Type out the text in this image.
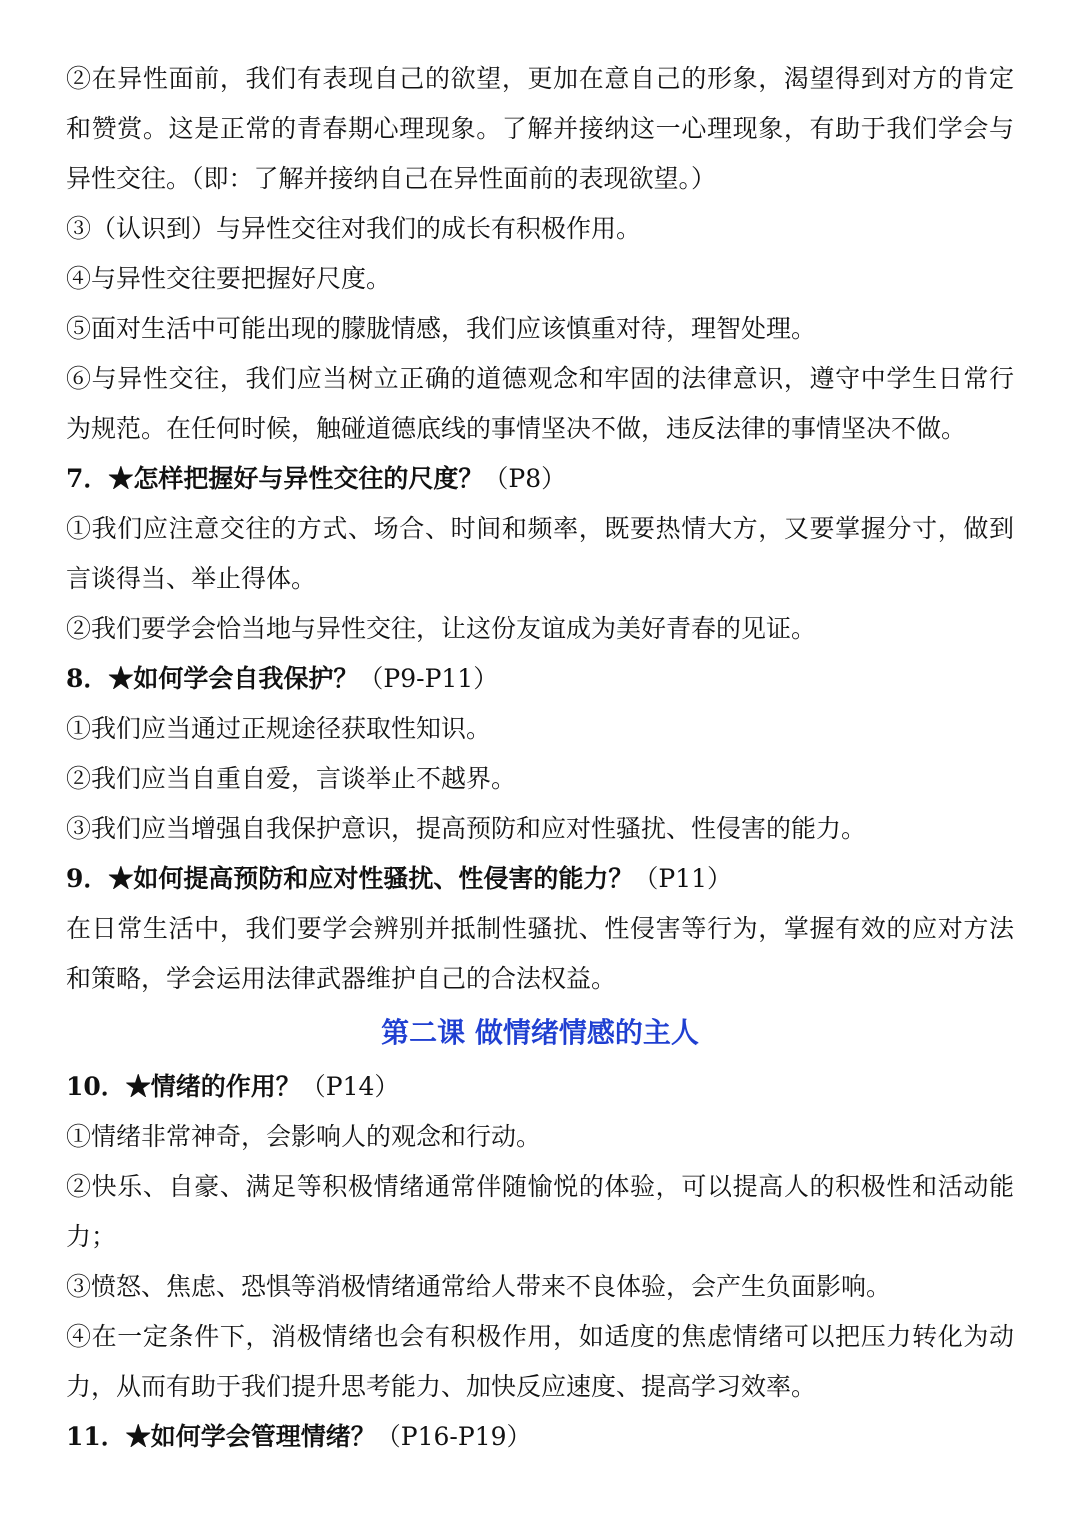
②在异性面前，我们有表现自己的欲望，更加在意自己的形象，渴望得到对方的肯定和赞赏。这是正常的青春期心理现象。了解并接纳这一心理现象，有助于我们学会与异性交往。（即：了解并接纳自己在异性面前的表现欲望。）

③（认识到）与异性交往对我们的成长有积极作用。

④与异性交往要把握好尺度。

⑤面对生活中可能出现的朦胧情感，我们应该慎重对待，理智处理。

⑥与异性交往，我们应当树立正确的道德观念和牢固的法律意识，遵守中学生日常行为规范。在任何时候，触碰道德底线的事情坚决不做，违反法律的事情坚决不做。

7．★怎样把握好与异性交往的尺度？（P8）

①我们应注意交往的方式、场合、时间和频率，既要热情大方，又要掌握分寸，做到言谈得当、举止得体。

②我们要学会恰当地与异性交往，让这份友谊成为美好青春的见证。

8．★如何学会自我保护？（P9-P11）

①我们应当通过正规途径获取性知识。

②我们应当自重自爱，言谈举止不越界。

③我们应当增强自我保护意识，提高预防和应对性骚扰、性侵害的能力。

9．★如何提高预防和应对性骚扰、性侵害的能力？（P11）

在日常生活中，我们要学会辨别并抵制性骚扰、性侵害等行为，掌握有效的应对方法和策略，学会运用法律武器维护自己的合法权益。

第二课 做情绪情感的主人

10．★情绪的作用？（P14）

①情绪非常神奇，会影响人的观念和行动。

②快乐、自豪、满足等积极情绪通常伴随愉悦的体验，可以提高人的积极性和活动能力；

③愤怒、焦虑、恐惧等消极情绪通常给人带来不良体验，会产生负面影响。

④在一定条件下，消极情绪也会有积极作用，如适度的焦虑情绪可以把压力转化为动力，从而有助于我们提升思考能力、加快反应速度、提高学习效率。

11．★如何学会管理情绪？（P16-P19）
